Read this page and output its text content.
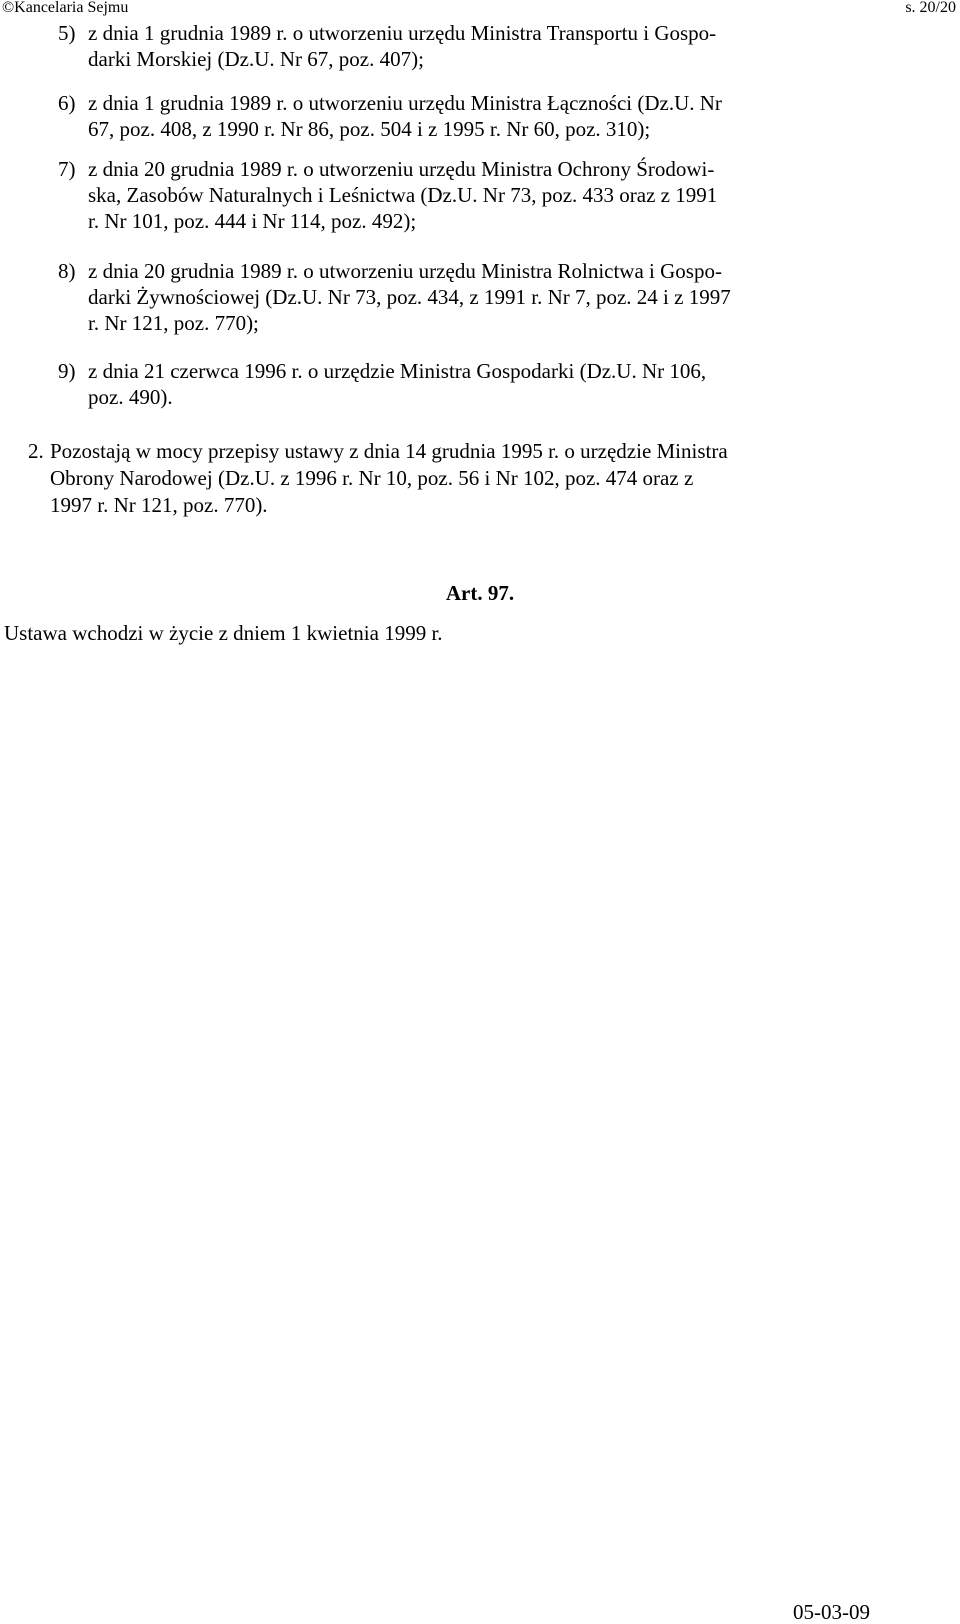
©Kancelaria Sejmu	s. 20/20
5) z dnia 1 grudnia 1989 r. o utworzeniu urzędu Ministra Transportu i Gospo-
darki Morskiej (Dz.U. Nr 67, poz. 407);
6) z dnia 1 grudnia 1989 r. o utworzeniu urzędu Ministra Łączności (Dz.U. Nr
67, poz. 408, z 1990 r. Nr 86, poz. 504 i z 1995 r. Nr 60, poz. 310);
7) z dnia 20 grudnia 1989 r. o utworzeniu urzędu Ministra Ochrony Środowi-
ska, Zasobów Naturalnych i Leśnictwa (Dz.U. Nr 73, poz. 433 oraz z 1991
r. Nr 101, poz. 444 i Nr 114, poz. 492);
8) z dnia 20 grudnia 1989 r. o utworzeniu urzędu Ministra Rolnictwa i Gospo-
darki Żywnościowej (Dz.U. Nr 73, poz. 434, z 1991 r. Nr 7, poz. 24 i z 1997
r. Nr 121, poz. 770);
9) z dnia 21 czerwca 1996 r. o urzędzie Ministra Gospodarki (Dz.U. Nr 106,
poz. 490).
2. Pozostają w mocy przepisy ustawy z dnia 14 grudnia 1995 r. o urzędzie Ministra
Obrony Narodowej (Dz.U. z 1996 r. Nr 10, poz. 56 i Nr 102, poz. 474 oraz z
1997 r. Nr 121, poz. 770).
Art. 97.
Ustawa wchodzi w życie z dniem 1 kwietnia 1999 r.
05-03-09
